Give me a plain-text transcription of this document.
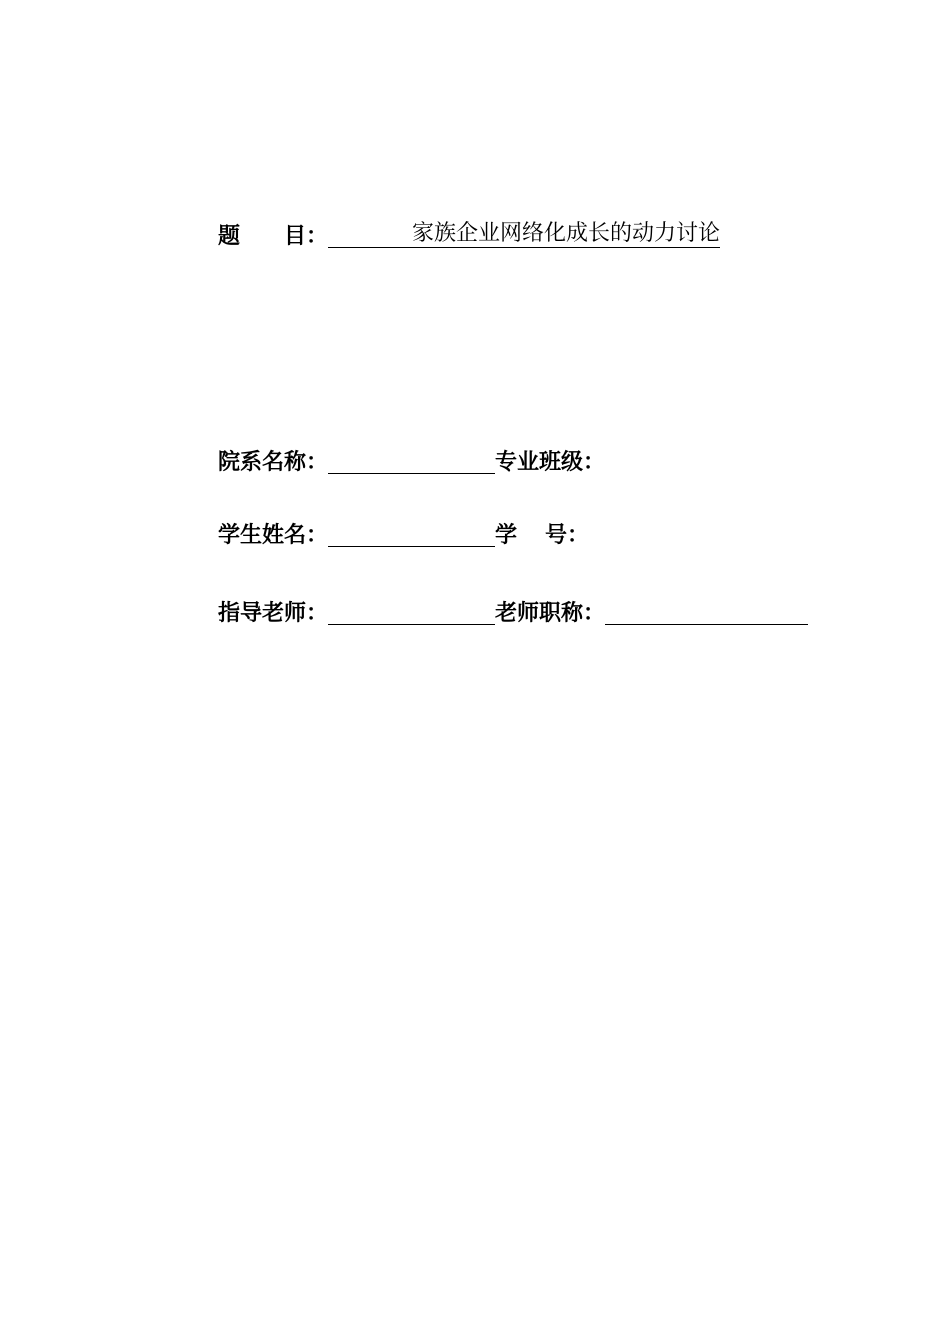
题 目：	家族企业网络化成长的动力讨论
院系名称：	专业班级：
学生姓名：	学 号：
指导老师：	老师职称：
